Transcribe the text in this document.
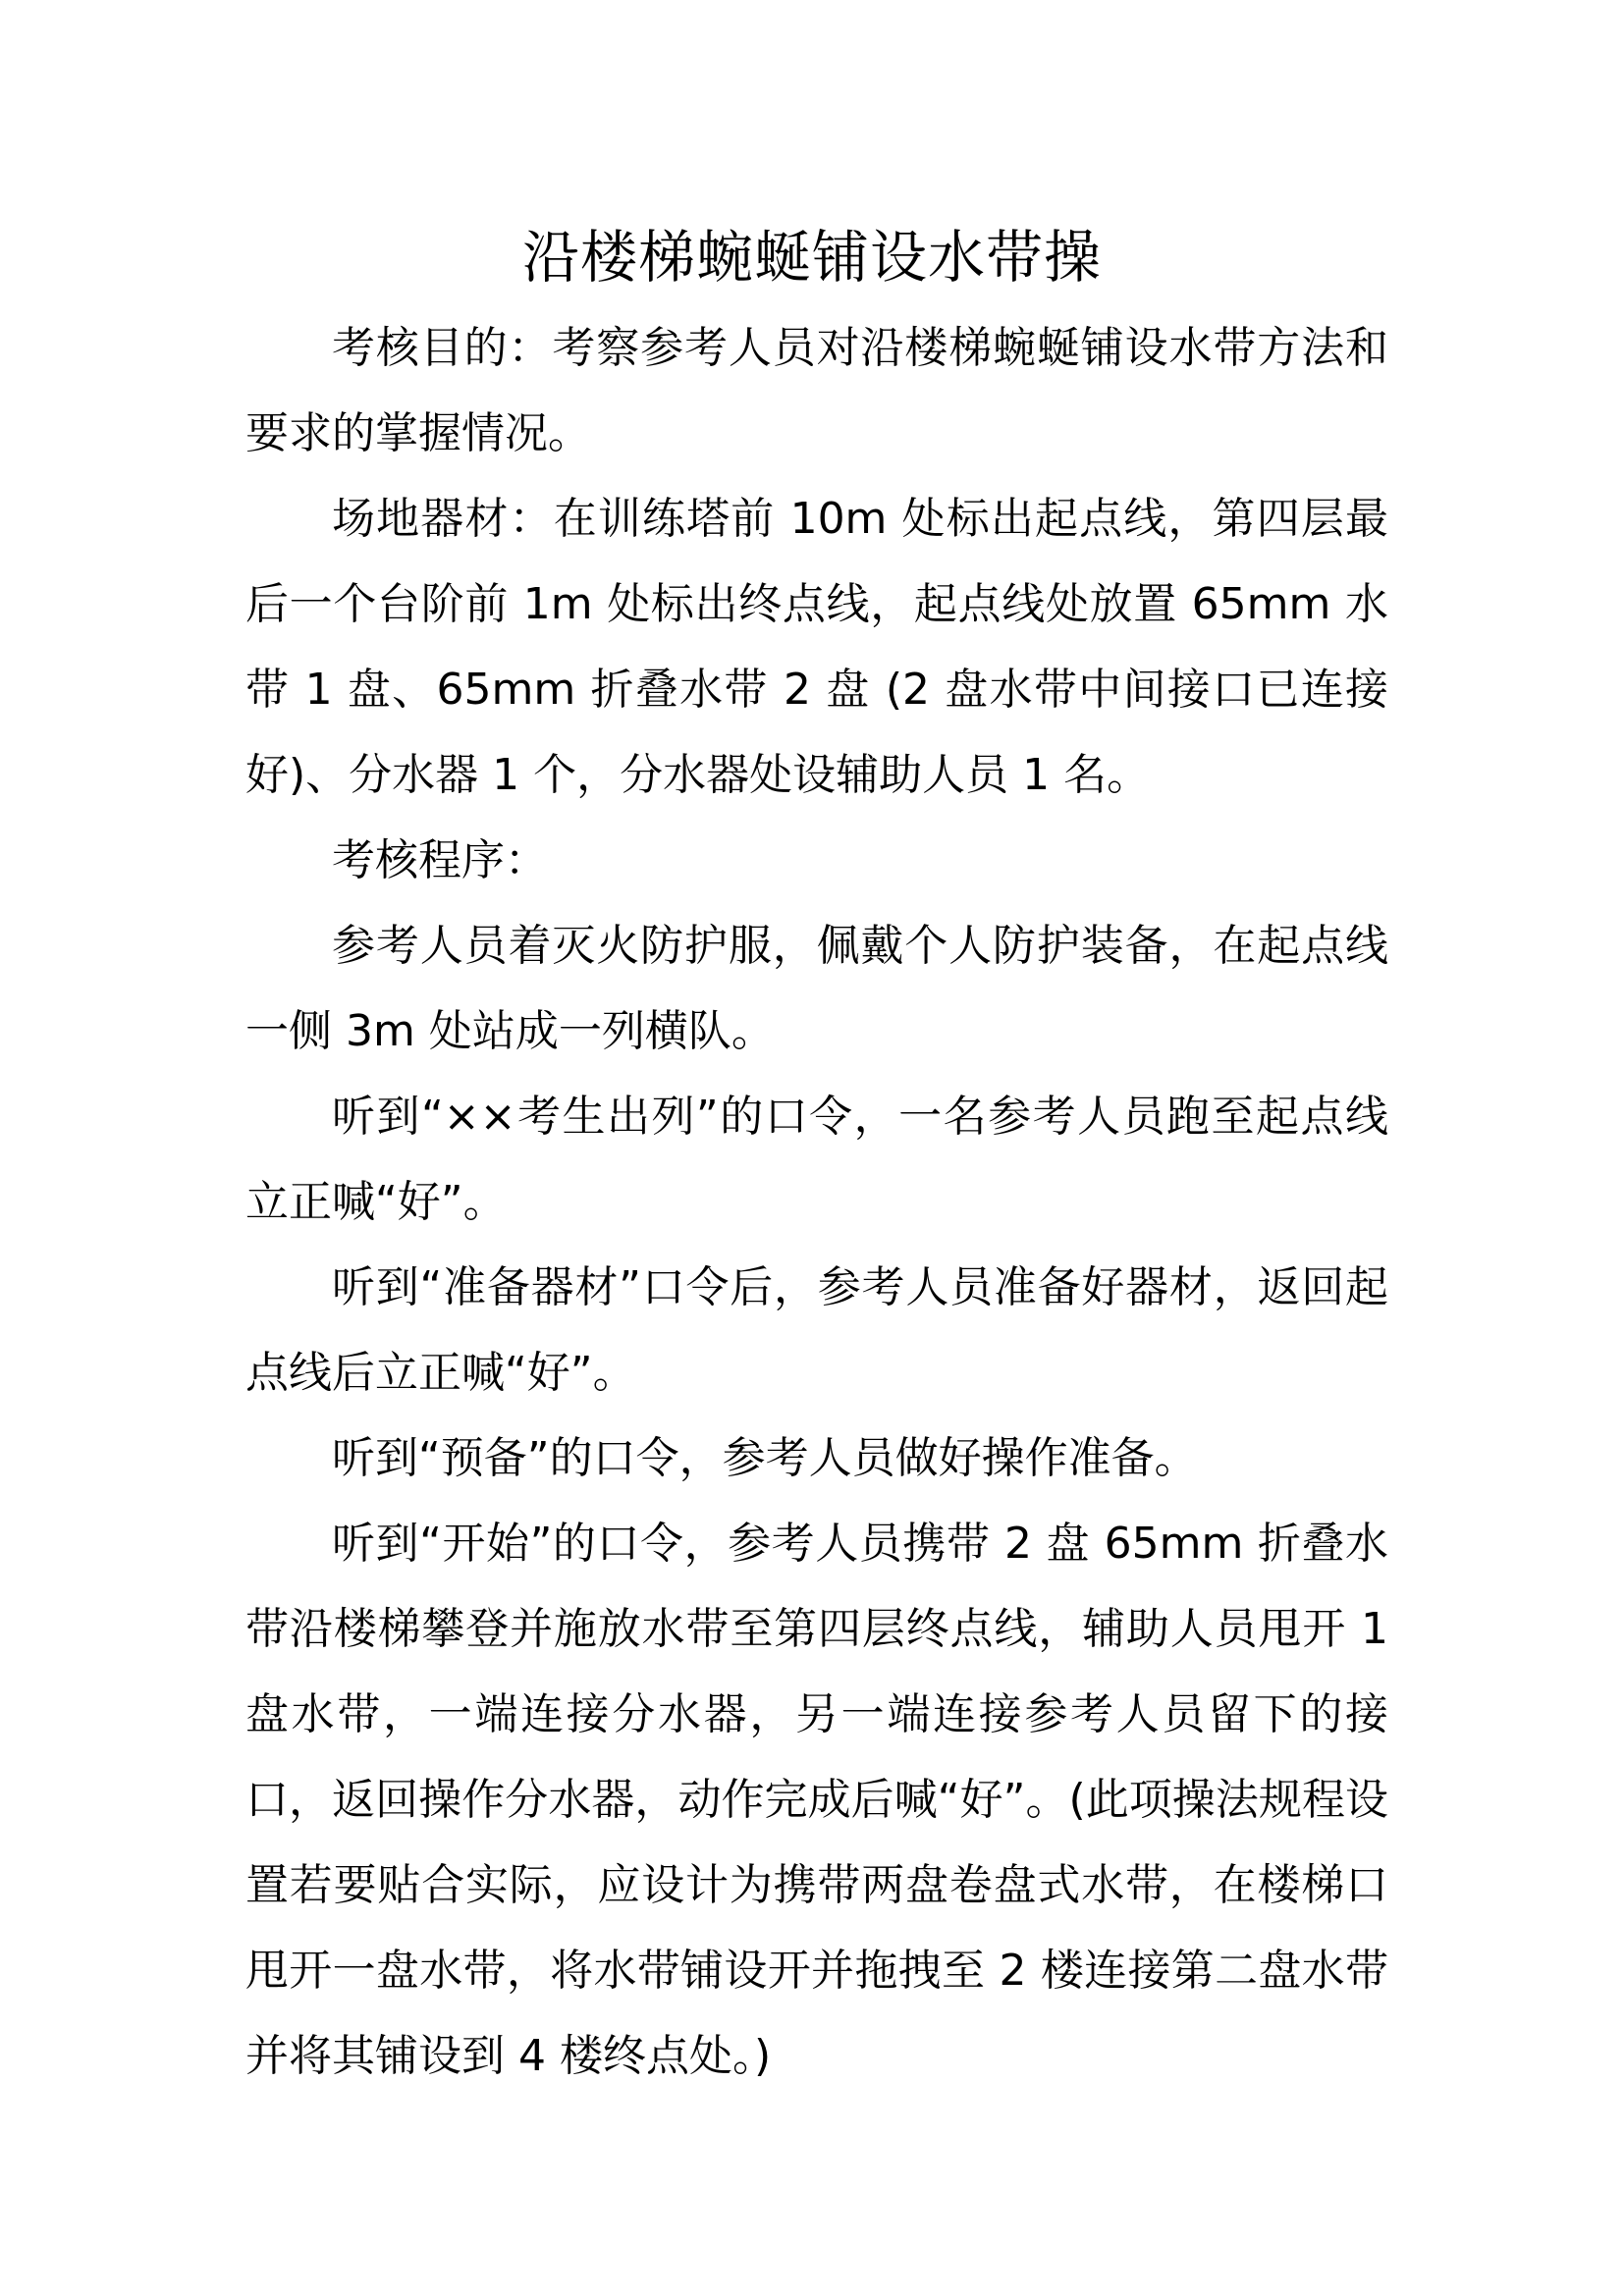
沿楼梯蜿蜒铺设水带操

考核目的：考察参考人员对沿楼梯蜿蜒铺设水带方法和要求的掌握情况。

场地器材：在训练塔前 10m 处标出起点线，第四层最后一个台阶前 1m 处标出终点线，起点线处放置 65mm 水带 1 盘、65mm 折叠水带 2 盘 (2 盘水带中间接口已连接好)、分水器 1 个，分水器处设辅助人员 1 名。

考核程序：

参考人员着灭火防护服，佩戴个人防护装备，在起点线一侧 3m 处站成一列横队。

听到“××考生出列”的口令，一名参考人员跑至起点线立正喊“好”。

听到“准备器材”口令后，参考人员准备好器材，返回起点线后立正喊“好”。

听到“预备”的口令，参考人员做好操作准备。

听到“开始”的口令，参考人员携带 2 盘 65mm 折叠水带沿楼梯攀登并施放水带至第四层终点线，辅助人员甩开 1 盘水带，一端连接分水器，另一端连接参考人员留下的接口，返回操作分水器，动作完成后喊“好”。(此项操法规程设置若要贴合实际，应设计为携带两盘卷盘式水带，在楼梯口甩开一盘水带，将水带铺设开并拖拽至 2 楼连接第二盘水带并将其铺设到 4 楼终点处。)
